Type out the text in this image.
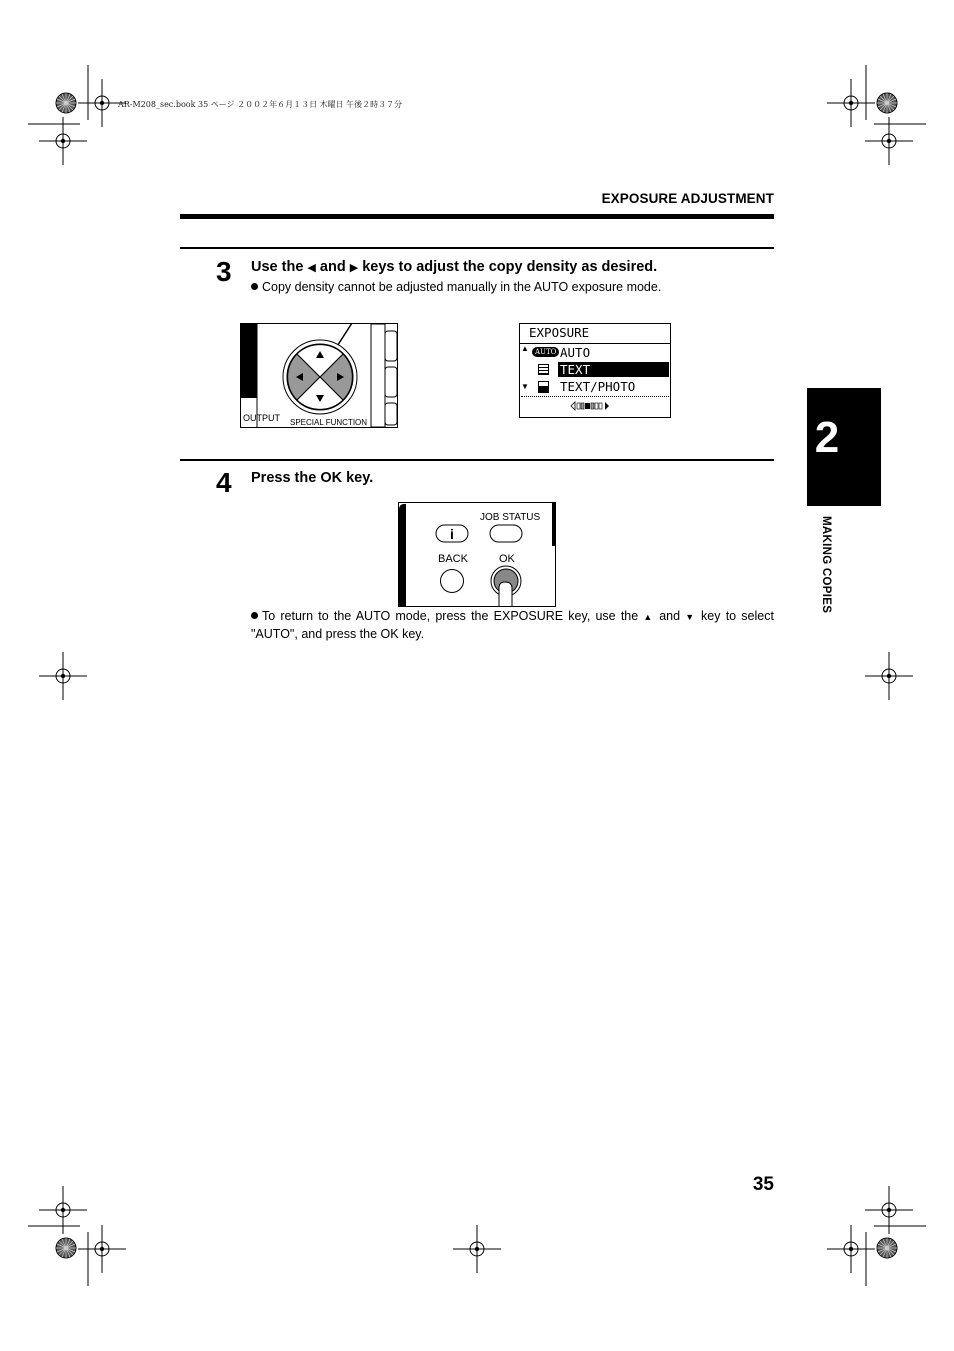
AR-M208_sec.book 35 ページ ２００２年６月１３日 木曜日 午後２時３７分
EXPOSURE ADJUSTMENT
3 Use the ◀ and ▶ keys to adjust the copy density as desired.
Copy density cannot be adjusted manually in the AUTO exposure mode.
OUTPUT SPECIAL FUNCTION
EXPOSURE
▲
▼
AUTO AUTO
TEXT
TEXT/PHOTO
4 Press the OK key.
i
JOB STATUS
BACK	OK
To return to the AUTO mode, press the EXPOSURE key, use the ▲ and ▼ key to select "AUTO", and press the OK key.
2
MAKING COPIES
35
